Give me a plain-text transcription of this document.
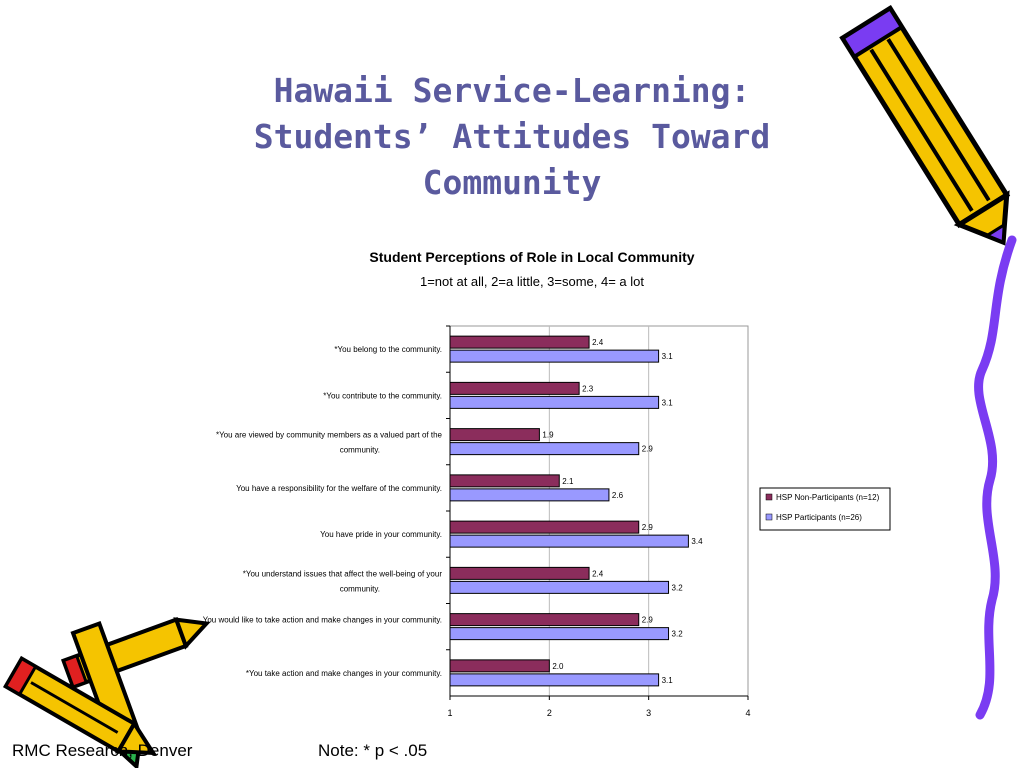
Hawaii Service-Learning:
Students’ Attitudes Toward
Community
Student Perceptions of Role in Local Community
1=not at all, 2=a little, 3=some, 4= a lot
1	2	3	4
*You belong to the community.
2.4
3.1
*You contribute to the community.
2.3
3.1
*You are viewed by community members as a valued part of the community.
1.9
2.9
You have a responsibility for the welfare of the community.
2.1
2.6
You have pride in your community.
2.9
3.4
*You understand issues that affect the well-being of your community.
2.4
3.2
You would like to take action and make changes in your community.	2.9
3.2
*You take action and make changes in your community.
2.0
3.1
HSP Non-Participants (n=12)
HSP Participants (n=26)
RMC Research, Denver	Note: * p < .05
